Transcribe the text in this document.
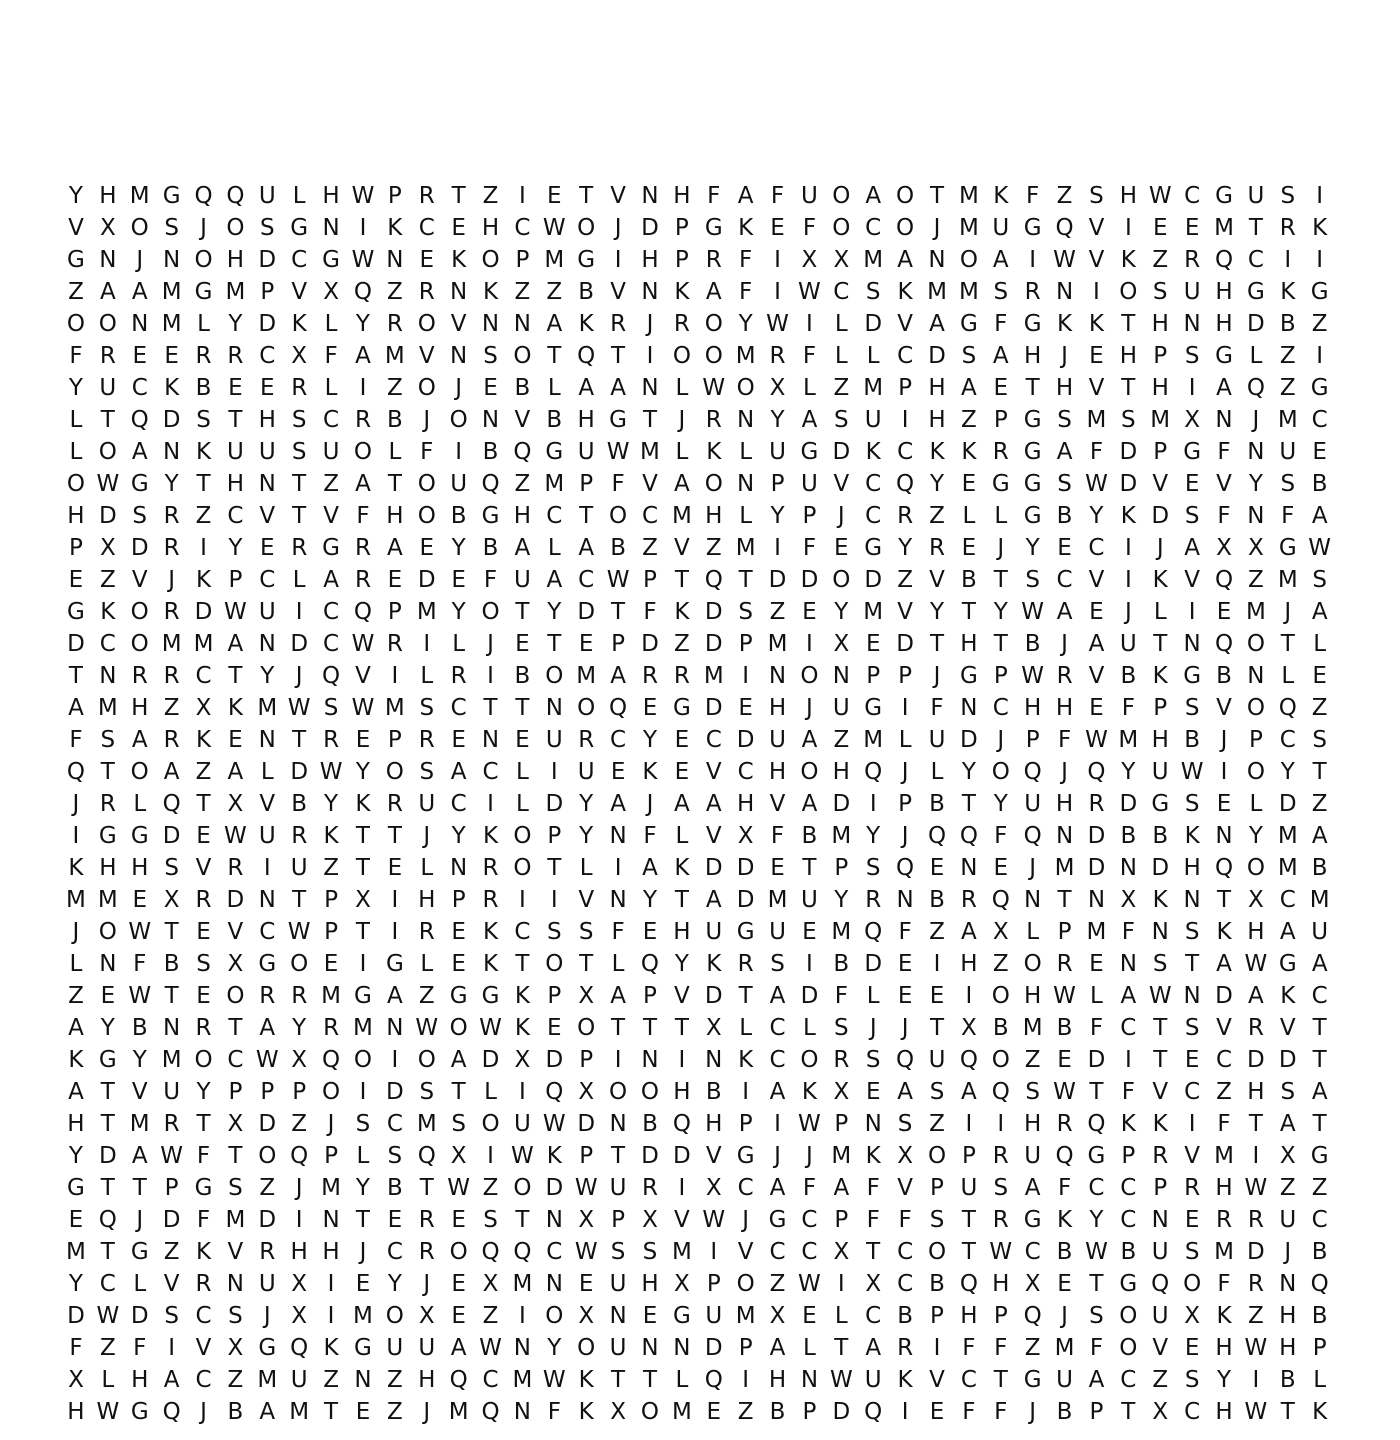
Y H M G Q Q U L H W P R T Z I E T V N H F A F U O A O T M K F Z S H W C G U S I
V X O S J O S G N I K C E H C W O J D P G K E F O C O J M U G Q V I E E M T R K
G N J N O H D C G W N E K O P M G I H P R F I X X M A N O A I W V K Z R Q C I	I
Z A A M G M P V X Q Z R N K Z Z B V N K A F I W C S K M M S R N I O S U H G K G
O O N M L Y D K L Y R O V N N A K R J R O Y W I L D V A G F G K K T H N H D B Z
F R E E R R C X F A M V N S O T Q T I O O M R F L L C D S A H J E H P S G L Z I
Y U C K B E E R L I Z O J E B L A A N L W O X L Z M P H A E T H V T H I A Q Z G
L T Q D S T H S C R B J O N V B H G T J R N Y A S U I H Z P G S M S M X N J M C
L O A N K U U S U O L F I B Q G U W M L K L U G D K C K K R G A F D P G F N U E
O W G Y T H N T Z A T O U Q Z M P F V A O N P U V C Q Y E G G S W D V E V Y S B
H D S R Z C V T V F H O B G H C T O C M H L Y P J C R Z L L G B Y K D S F N F A
P X D R I Y E R G R A E Y B A L A B Z V Z M I F E G Y R E J Y E C I	J A X X G W
E Z V J K P C L A R E D E F U A C W P T Q T D D O D Z V B T S C V I K V Q Z M S
G K O R D W U I C Q P M Y O T Y D T F K D S Z E Y M V Y T Y W A E J L I E M J A
D C O M M A N D C W R I L J E T E P D Z D P M I X E D T H T B J A U T N Q O T L
T N R R C T Y J Q V I L R I B O M A R R M I N O N P P J G P W R V B K G B N L E
A M H Z X K M W S W M S C T T N O Q E G D E H J U G I F N C H H E F P S V O Q Z
F S A R K E N T R E P R E N E U R C Y E C D U A Z M L U D J P F W M H B J P C S
Q T O A Z A L D W Y O S A C L I U E K E V C H O H Q J L Y O Q J Q Y U W I O Y T
J R L Q T X V B Y K R U C I L D Y A J A A H V A D I P B T Y U H R D G S E L D Z
I G G D E W U R K T T J Y K O P Y N F L V X F B M Y J Q Q F Q N D B B K N Y M A
K H H S V R I U Z T E L N R O T L I A K D D E T P S Q E N E J M D N D H Q O M B
M M E X R D N T P X I H P R I	I V N Y T A D M U Y R N B R Q N T N X K N T X C M
J O W T E V C W P T I R E K C S S F E H U G U E M Q F Z A X L P M F N S K H A U
L N F B S X G O E I G L E K T O T L Q Y K R S I B D E I H Z O R E N S T A W G A
Z E W T E O R R M G A Z G G K P X A P V D T A D F L E E I O H W L A W N D A K C
A Y B N R T A Y R M N W O W K E O T T T X L C L S J	J T X B M B F C T S V R V T
K G Y M O C W X Q O I O A D X D P I N I N K C O R S Q U Q O Z E D I T E C D D T
A T V U Y P P P O I D S T L I Q X O O H B I A K X E A S A Q S W T F V C Z H S A
H T M R T X D Z J S C M S O U W D N B Q H P I W P N S Z I	I H R Q K K I F T A T
Y D A W F T O Q P L S Q X I W K P T D D V G J	J M K X O P R U Q G P R V M I X G
G T T P G S Z J M Y B T W Z O D W U R I X C A F A F V P U S A F C C P R H W Z Z
E Q J D F M D I N T E R E S T N X P X V W J G C P F F S T R G K Y C N E R R U C
M T G Z K V R H H J C R O Q Q C W S S M I V C C X T C O T W C B W B U S M D J B
Y C L V R N U X I E Y J E X M N E U H X P O Z W I X C B Q H X E T G Q O F R N Q
D W D S C S J X I M O X E Z I O X N E G U M X E L C B P H P Q J S O U X K Z H B
F Z F I V X G Q K G U U A W N Y O U N N D P A L T A R I F F Z M F O V E H W H P
X L H A C Z M U Z N Z H Q C M W K T T L Q I H N W U K V C T G U A C Z S Y I B L
H W G Q J B A M T E Z J M Q N F K X O M E Z B P D Q I E F F J B P T X C H W T K
